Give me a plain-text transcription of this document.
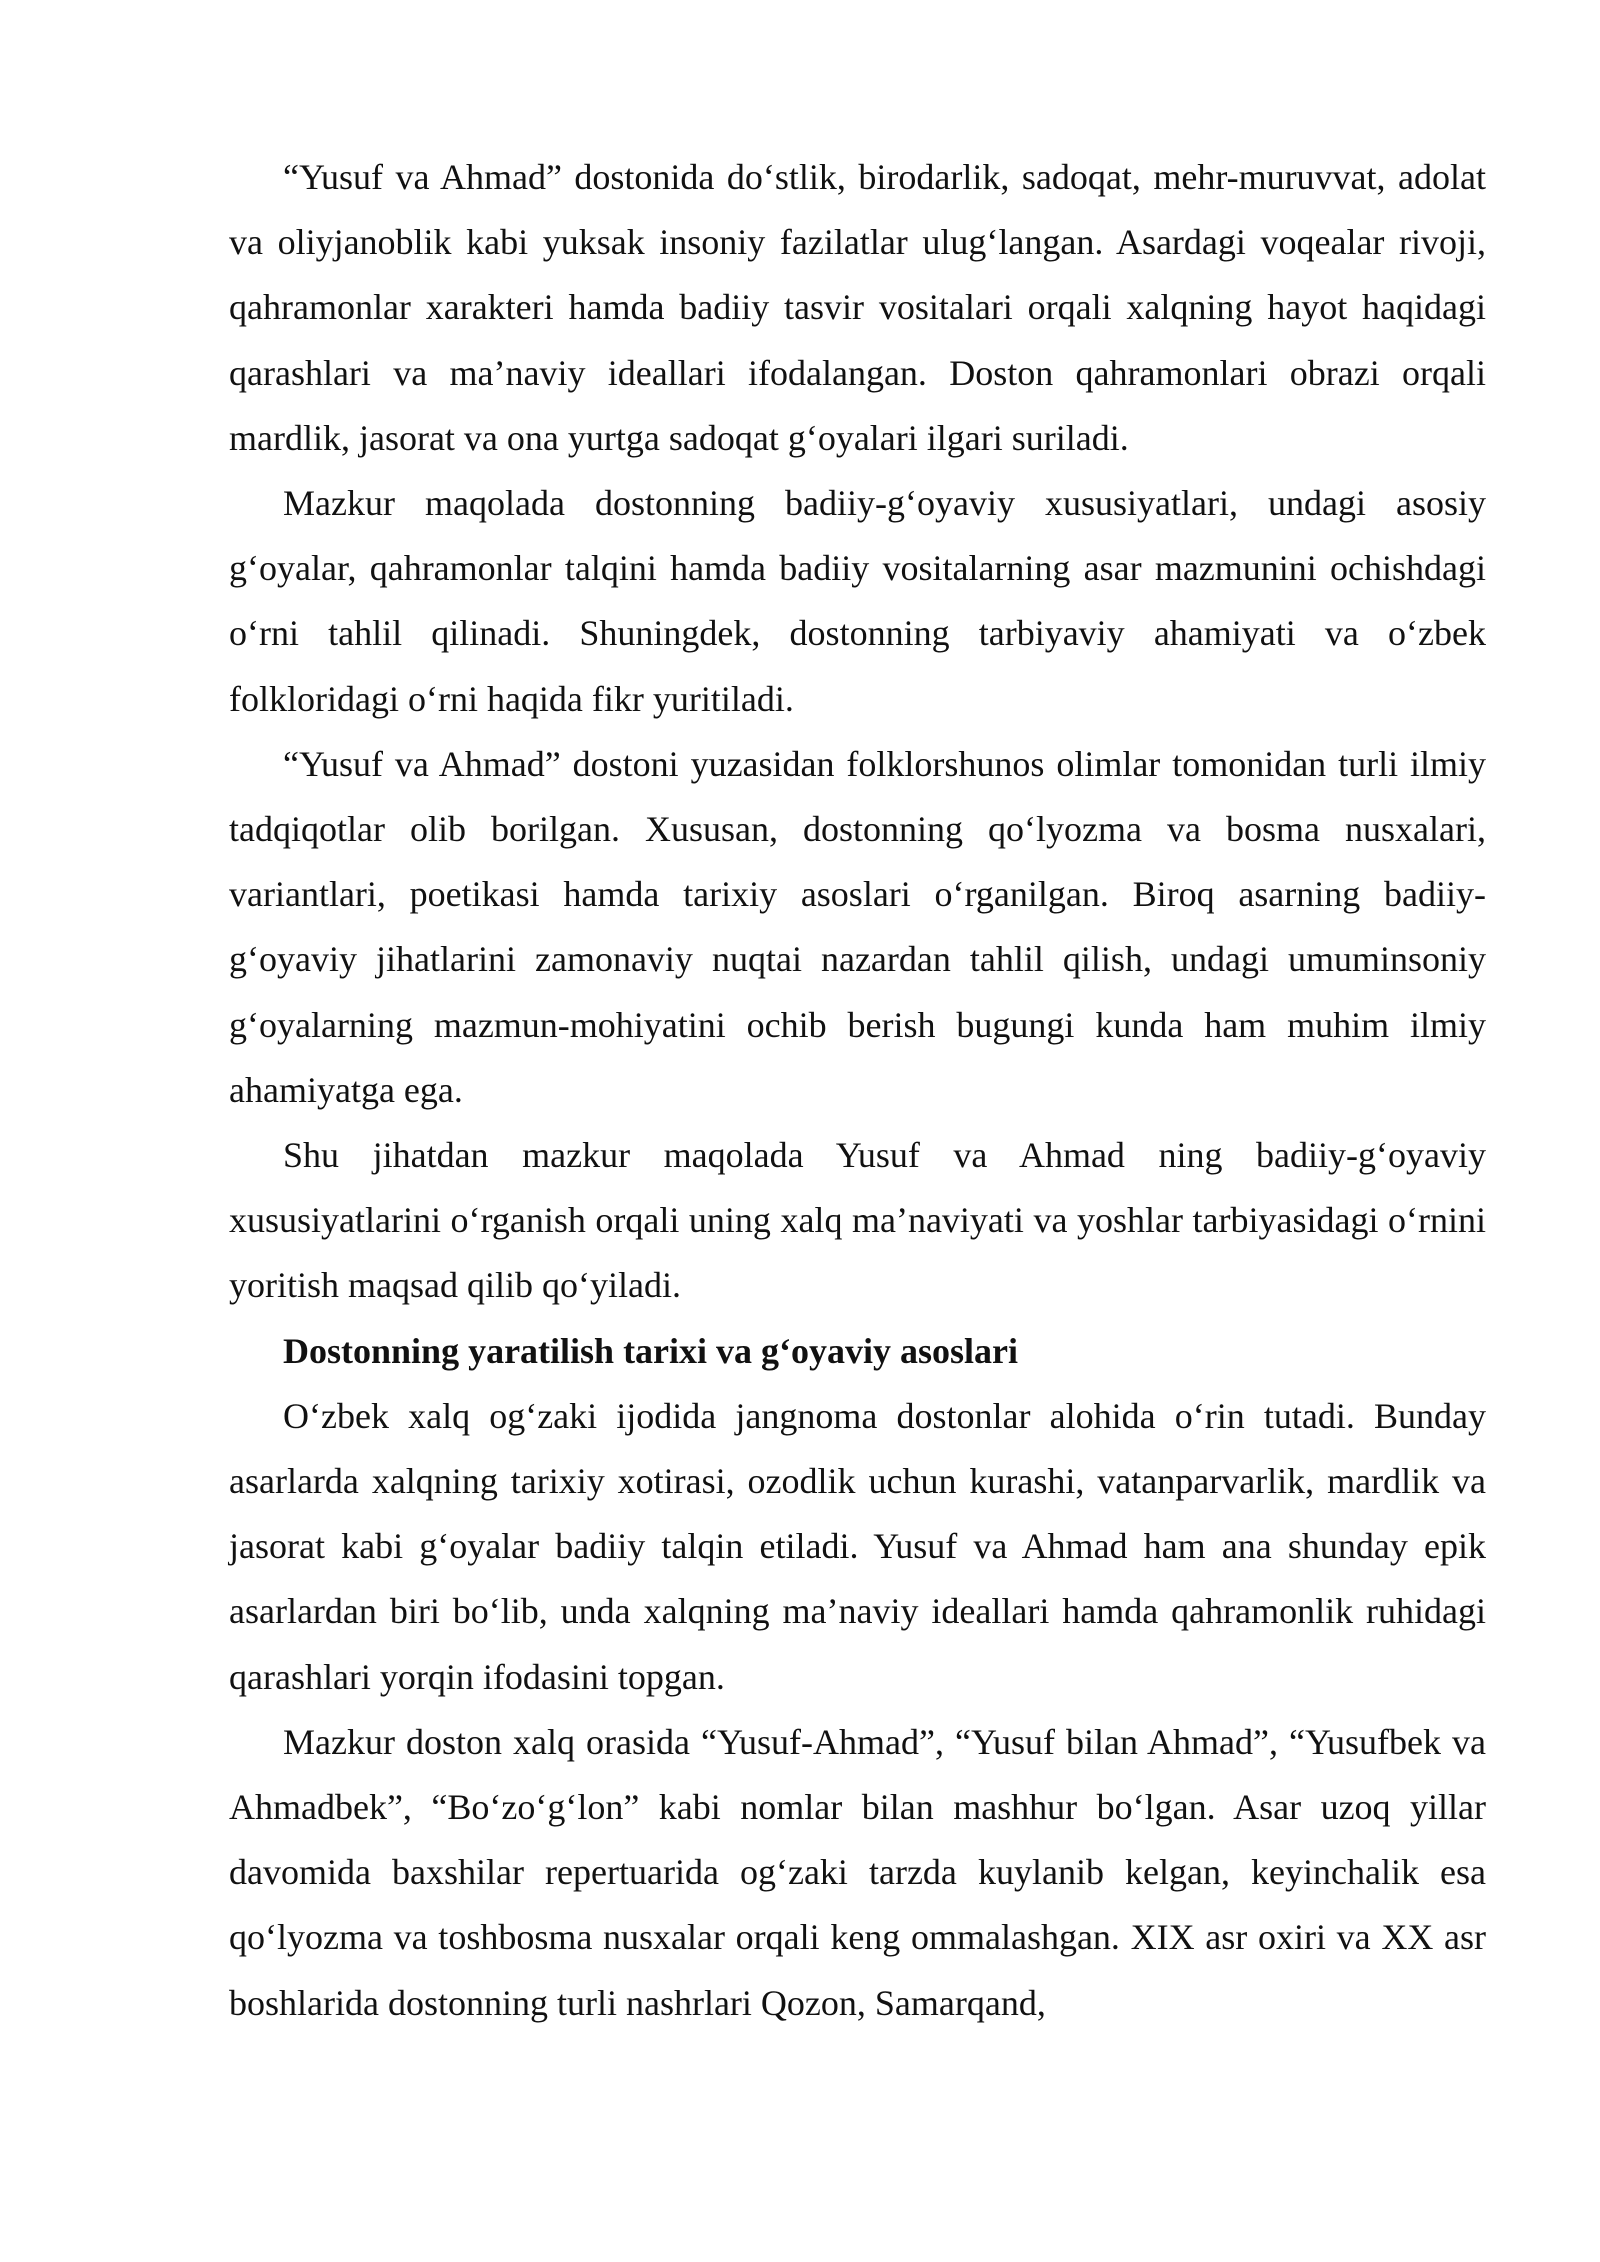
“Yusuf va Ahmad” dostonida do‘stlik, birodarlik, sadoqat, mehr-muruvvat, adolat va oliyjanoblik kabi yuksak insoniy fazilatlar ulug‘langan. Asardagi voqealar rivoji, qahramonlar xarakteri hamda badiiy tasvir vositalari orqali xalqning hayot haqidagi qarashlari va ma’naviy ideallari ifodalangan. Doston qahramonlari obrazi orqali mardlik, jasorat va ona yurtga sadoqat g‘oyalari ilgari suriladi.

Mazkur maqolada dostonning badiiy-g‘oyaviy xususiyatlari, undagi asosiy g‘oyalar, qahramonlar talqini hamda badiiy vositalarning asar mazmunini ochishdagi o‘rni tahlil qilinadi. Shuningdek, dostonning tarbiyaviy ahamiyati va o‘zbek folkloridagi o‘rni haqida fikr yuritiladi.

“Yusuf va Ahmad” dostoni yuzasidan folklorshunos olimlar tomonidan turli ilmiy tadqiqotlar olib borilgan. Xususan, dostonning qo‘lyozma va bosma nusxalari, variantlari, poetikasi hamda tarixiy asoslari o‘rganilgan. Biroq asarning badiiy-g‘oyaviy jihatlarini zamonaviy nuqtai nazardan tahlil qilish, undagi umuminsoniy g‘oyalarning mazmun-mohiyatini ochib berish bugungi kunda ham muhim ilmiy ahamiyatga ega.

Shu jihatdan mazkur maqolada Yusuf va Ahmad ning badiiy-g‘oyaviy xususiyatlarini o‘rganish orqali uning xalq ma’naviyati va yoshlar tarbiyasidagi o‘rnini yoritish maqsad qilib qo‘yiladi.

Dostonning yaratilish tarixi va g‘oyaviy asoslari

O‘zbek xalq og‘zaki ijodida jangnoma dostonlar alohida o‘rin tutadi. Bunday asarlarda xalqning tarixiy xotirasi, ozodlik uchun kurashi, vatanparvarlik, mardlik va jasorat kabi g‘oyalar badiiy talqin etiladi. Yusuf va Ahmad ham ana shunday epik asarlardan biri bo‘lib, unda xalqning ma’naviy ideallari hamda qahramonlik ruhidagi qarashlari yorqin ifodasini topgan.

Mazkur doston xalq orasida “Yusuf-Ahmad”, “Yusuf bilan Ahmad”, “Yusufbek va Ahmadbek”, “Bo‘zo‘g‘lon” kabi nomlar bilan mashhur bo‘lgan. Asar uzoq yillar davomida baxshilar repertuarida og‘zaki tarzda kuylanib kelgan, keyinchalik esa qo‘lyozma va toshbosma nusxalar orqali keng ommalashgan. XIX asr oxiri va XX asr boshlarida dostonning turli nashrlari Qozon, Samarqand,
